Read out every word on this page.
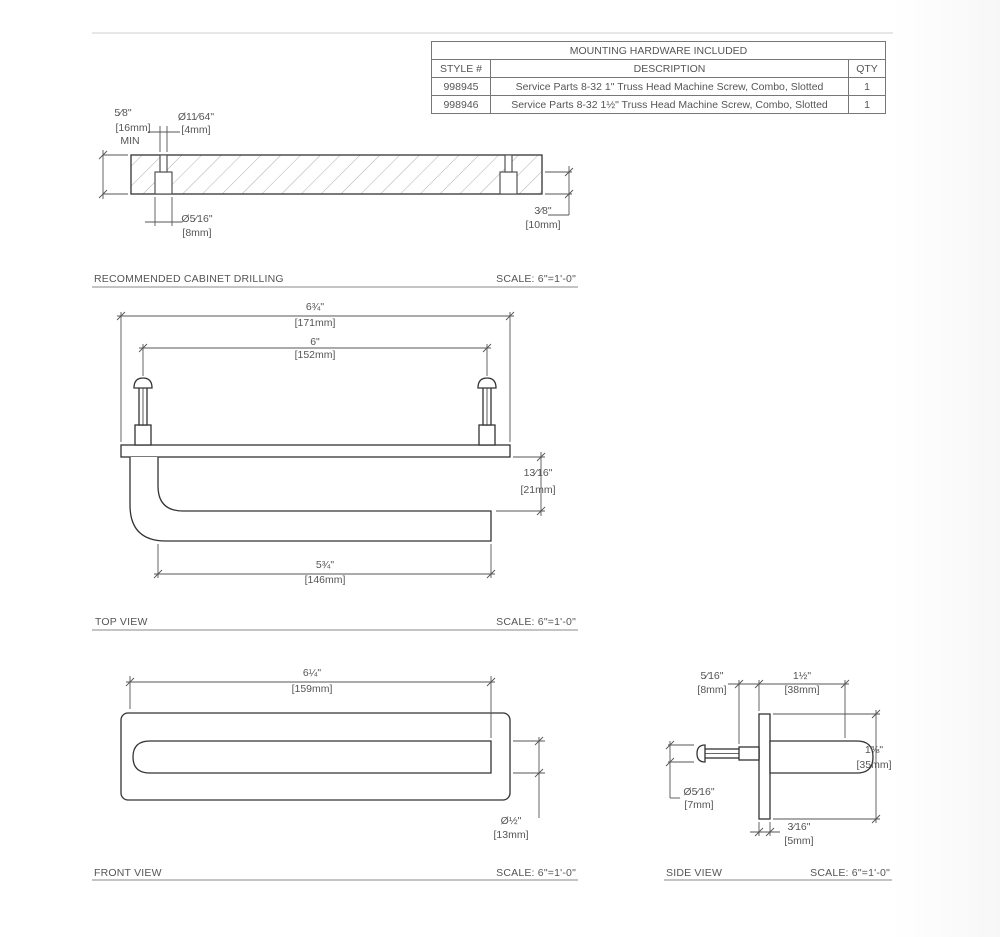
MOUNTING HARDWARE INCLUDED		
STYLE #	DESCRIPTION	QTY
998945	Service Parts 8-32 1" Truss Head Machine Screw, Combo, Slotted	1
998946	Service Parts 8-32 1½" Truss Head Machine Screw, Combo, Slotted	1
5⁄8"
[16mm]
MIN
Ø11⁄64"
[4mm]
Ø5⁄16"
[8mm]
3⁄8"
[10mm]
RECOMMENDED CABINET DRILLING	SCALE: 6"=1'-0"
6¾"
[171mm]
6"
[152mm]
13⁄16"
[21mm]
5¾"
[146mm]
TOP VIEW	SCALE: 6"=1'-0"
6¼"
[159mm]
Ø½"
[13mm]
FRONT VIEW	SCALE: 6"=1'-0"
5⁄16"
[8mm]
1½"
[38mm]
1⅜"
[35mm]
Ø5⁄16"
[7mm]
3⁄16"
[5mm]
SIDE VIEW	SCALE: 6"=1'-0"
